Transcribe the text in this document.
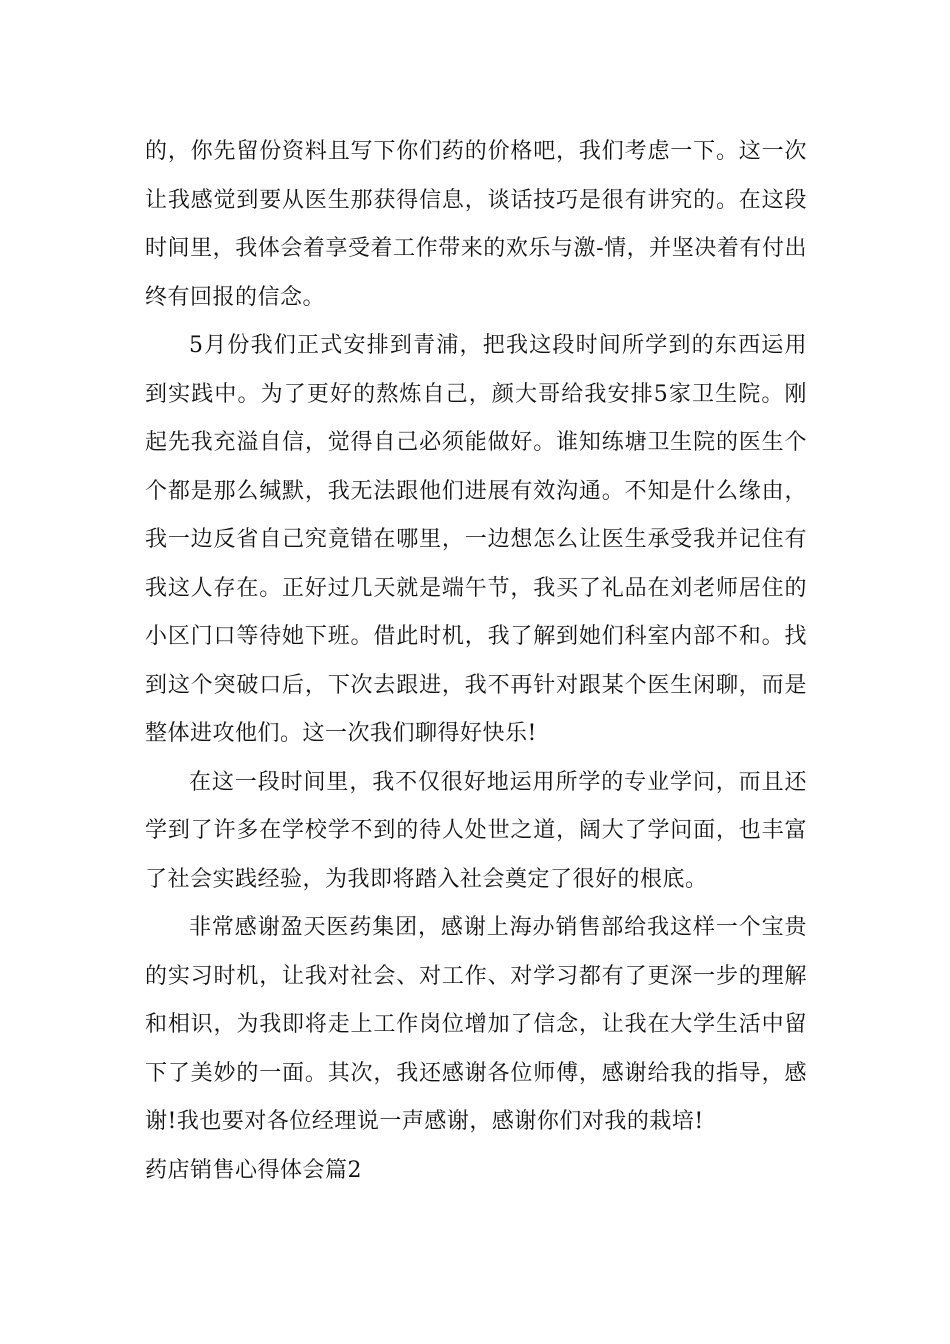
的，你先留份资料且写下你们药的价格吧，我们考虑一下。这一次让我感觉到要从医生那获得信息，谈话技巧是很有讲究的。在这段时间里，我体会着享受着工作带来的欢乐与激-情，并坚决着有付出终有回报的信念。

5月份我们正式安排到青浦，把我这段时间所学到的东西运用到实践中。为了更好的熬炼自己，颜大哥给我安排5家卫生院。刚起先我充溢自信，觉得自己必须能做好。谁知练塘卫生院的医生个个都是那么缄默，我无法跟他们进展有效沟通。不知是什么缘由，我一边反省自己究竟错在哪里，一边想怎么让医生承受我并记住有我这人存在。正好过几天就是端午节，我买了礼品在刘老师居住的小区门口等待她下班。借此时机，我了解到她们科室内部不和。找到这个突破口后，下次去跟进，我不再针对跟某个医生闲聊，而是整体进攻他们。这一次我们聊得好快乐!

在这一段时间里，我不仅很好地运用所学的专业学问，而且还学到了许多在学校学不到的待人处世之道，阔大了学问面，也丰富了社会实践经验，为我即将踏入社会奠定了很好的根底。

非常感谢盈天医药集团，感谢上海办销售部给我这样一个宝贵的实习时机，让我对社会、对工作、对学习都有了更深一步的理解和相识，为我即将走上工作岗位增加了信念，让我在大学生活中留下了美妙的一面。其次，我还感谢各位师傅，感谢给我的指导，感谢!我也要对各位经理说一声感谢，感谢你们对我的栽培!

药店销售心得体会篇2
